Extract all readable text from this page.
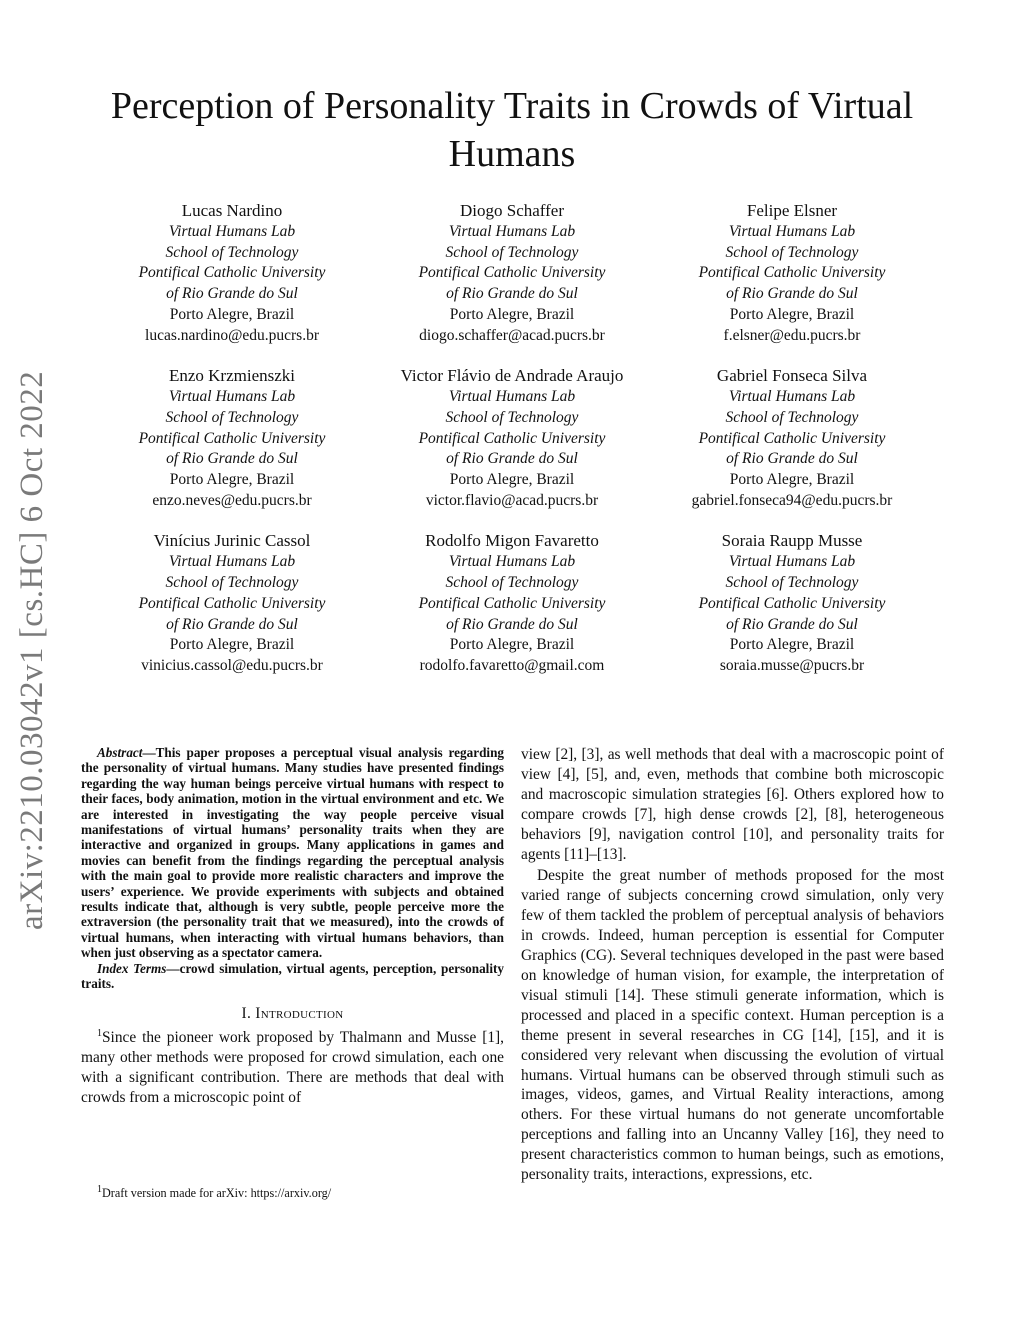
arXiv:2210.03042v1 [cs.HC] 6 Oct 2022
Perception of Personality Traits in Crowds of Virtual Humans
Lucas Nardino
Virtual Humans Lab
School of Technology
Pontifical Catholic University
of Rio Grande do Sul
Porto Alegre, Brazil
lucas.nardino@edu.pucrs.br
Diogo Schaffer
Virtual Humans Lab
School of Technology
Pontifical Catholic University
of Rio Grande do Sul
Porto Alegre, Brazil
diogo.schaffer@acad.pucrs.br
Felipe Elsner
Virtual Humans Lab
School of Technology
Pontifical Catholic University
of Rio Grande do Sul
Porto Alegre, Brazil
f.elsner@edu.pucrs.br
Enzo Krzmienszki
Virtual Humans Lab
School of Technology
Pontifical Catholic University
of Rio Grande do Sul
Porto Alegre, Brazil
enzo.neves@edu.pucrs.br
Victor Flávio de Andrade Araujo
Virtual Humans Lab
School of Technology
Pontifical Catholic University
of Rio Grande do Sul
Porto Alegre, Brazil
victor.flavio@acad.pucrs.br
Gabriel Fonseca Silva
Virtual Humans Lab
School of Technology
Pontifical Catholic University
of Rio Grande do Sul
Porto Alegre, Brazil
gabriel.fonseca94@edu.pucrs.br
Vinícius Jurinic Cassol
Virtual Humans Lab
School of Technology
Pontifical Catholic University
of Rio Grande do Sul
Porto Alegre, Brazil
vinicius.cassol@edu.pucrs.br
Rodolfo Migon Favaretto
Virtual Humans Lab
School of Technology
Pontifical Catholic University
of Rio Grande do Sul
Porto Alegre, Brazil
rodolfo.favaretto@gmail.com
Soraia Raupp Musse
Virtual Humans Lab
School of Technology
Pontifical Catholic University
of Rio Grande do Sul
Porto Alegre, Brazil
soraia.musse@pucrs.br

Abstract—This paper proposes a perceptual visual analysis regarding the personality of virtual humans. Many studies have presented findings regarding the way human beings perceive virtual humans with respect to their faces, body animation, motion in the virtual environment and etc. We are interested in investigating the way people perceive visual manifestations of virtual humans’ personality traits when they are interactive and organized in groups. Many applications in games and movies can benefit from the findings regarding the perceptual analysis with the main goal to provide more realistic characters and improve the users’ experience. We provide experiments with subjects and obtained results indicate that, although is very subtle, people perceive more the extraversion (the personality trait that we measured), into the crowds of virtual humans, when interacting with virtual humans behaviors, than when just observing as a spectator camera.

Index Terms—crowd simulation, virtual agents, perception, personality traits.

I. Introduction

$^1$Since the pioneer work proposed by Thalmann and Musse [1], many other methods were proposed for crowd simulation, each one with a significant contribution. There are methods that deal with crowds from a microscopic point of

$^1$Draft version made for arXiv: https://arxiv.org/

view [2], [3], as well methods that deal with a macroscopic point of view [4], [5], and, even, methods that combine both microscopic and macroscopic simulation strategies [6]. Others explored how to compare crowds [7], high dense crowds [2], [8], heterogeneous behaviors [9], navigation control [10], and personality traits for agents [11]–[13].

Despite the great number of methods proposed for the most varied range of subjects concerning crowd simulation, only very few of them tackled the problem of perceptual analysis of behaviors in crowds. Indeed, human perception is essential for Computer Graphics (CG). Several techniques developed in the past were based on knowledge of human vision, for example, the interpretation of visual stimuli [14]. These stimuli generate information, which is processed and placed in a specific context. Human perception is a theme present in several researches in CG [14], [15], and it is considered very relevant when discussing the evolution of virtual humans. Virtual humans can be observed through stimuli such as images, videos, games, and Virtual Reality interactions, among others. For these virtual humans do not generate uncomfortable perceptions and falling into an Uncanny Valley [16], they need to present characteristics common to human beings, such as emotions, personality traits, interactions, expressions, etc.
